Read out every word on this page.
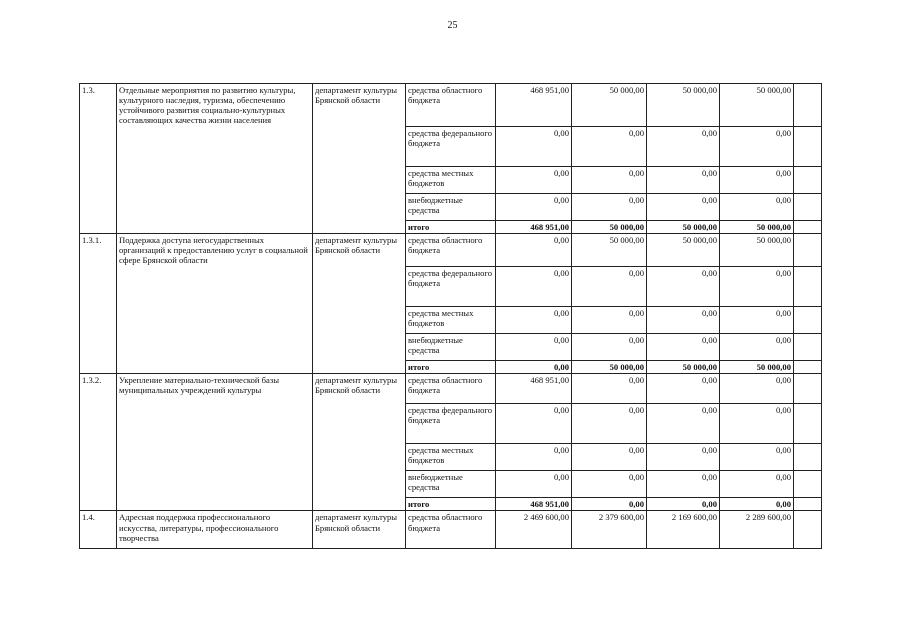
25
1.3.	Отдельные мероприятия по развитию культуры, культурного наследия, туризма, обеспечению устойчивого развития социально-культурных составляющих качества жизни населения	департамент культуры Брянской области	средства областного бюджета	468 951,00	50 000,00	50 000,00	50 000,00	
			средства федерального бюджета	0,00	0,00	0,00	0,00	
			средства местных бюджетов	0,00	0,00	0,00	0,00	
			внебюджетные средства	0,00	0,00	0,00	0,00	
			итого	468 951,00	50 000,00	50 000,00	50 000,00	
1.3.1.	Поддержка доступа негосударственных организаций к предоставлению услуг в социальной сфере Брянской области	департамент культуры Брянской области	средства областного бюджета	0,00	50 000,00	50 000,00	50 000,00	
			средства федерального бюджета	0,00	0,00	0,00	0,00	
			средства местных бюджетов	0,00	0,00	0,00	0,00	
			внебюджетные средства	0,00	0,00	0,00	0,00	
			итого	0,00	50 000,00	50 000,00	50 000,00	
1.3.2.	Укрепление материально-технической базы муниципальных учреждений культуры	департамент культуры Брянской области	средства областного бюджета	468 951,00	0,00	0,00	0,00	
			средства федерального бюджета	0,00	0,00	0,00	0,00	
			средства местных бюджетов	0,00	0,00	0,00	0,00	
			внебюджетные средства	0,00	0,00	0,00	0,00	
			итого	468 951,00	0,00	0,00	0,00	
1.4.	Адресная поддержка профессионального искусства, литературы, профессионального творчества	департамент культуры Брянской области	средства областного бюджета	2 469 600,00	2 379 600,00	2 169 600,00	2 289 600,00	
